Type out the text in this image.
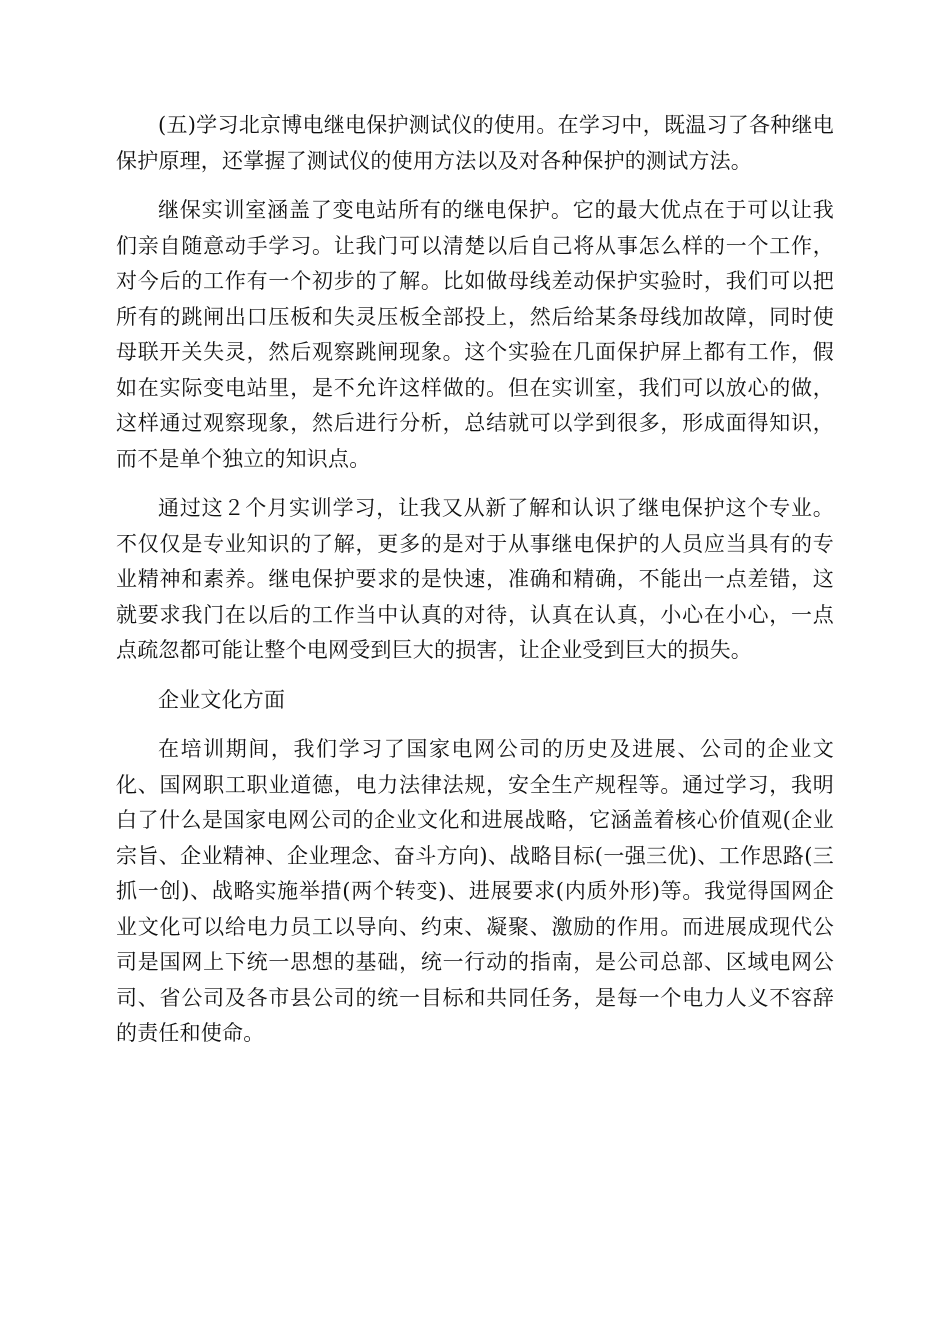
(五)学习北京博电继电保护测试仪的使用。在学习中，既温习了各种继电保护原理，还掌握了测试仪的使用方法以及对各种保护的测试方法。

继保实训室涵盖了变电站所有的继电保护。它的最大优点在于可以让我们亲自随意动手学习。让我门可以清楚以后自己将从事怎么样的一个工作，对今后的工作有一个初步的了解。比如做母线差动保护实验时，我们可以把所有的跳闸出口压板和失灵压板全部投上，然后给某条母线加故障，同时使母联开关失灵，然后观察跳闸现象。这个实验在几面保护屏上都有工作，假如在实际变电站里，是不允许这样做的。但在实训室，我们可以放心的做，这样通过观察现象，然后进行分析，总结就可以学到很多，形成面得知识，而不是单个独立的知识点。

通过这２个月实训学习，让我又从新了解和认识了继电保护这个专业。不仅仅是专业知识的了解，更多的是对于从事继电保护的人员应当具有的专业精神和素养。继电保护要求的是快速，准确和精确，不能出一点差错，这就要求我门在以后的工作当中认真的对待，认真在认真，小心在小心，一点点疏忽都可能让整个电网受到巨大的损害，让企业受到巨大的损失。

企业文化方面

在培训期间，我们学习了国家电网公司的历史及进展、公司的企业文化、国网职工职业道德，电力法律法规，安全生产规程等。通过学习，我明白了什么是国家电网公司的企业文化和进展战略，它涵盖着核心价值观(企业宗旨、企业精神、企业理念、奋斗方向)、战略目标(一强三优)、工作思路(三抓一创)、战略实施举措(两个转变)、进展要求(内质外形)等。我觉得国网企业文化可以给电力员工以导向、约束、凝聚、激励的作用。而进展成现代公司是国网上下统一思想的基础，统一行动的指南，是公司总部、区域电网公司、省公司及各市县公司的统一目标和共同任务，是每一个电力人义不容辞的责任和使命。
